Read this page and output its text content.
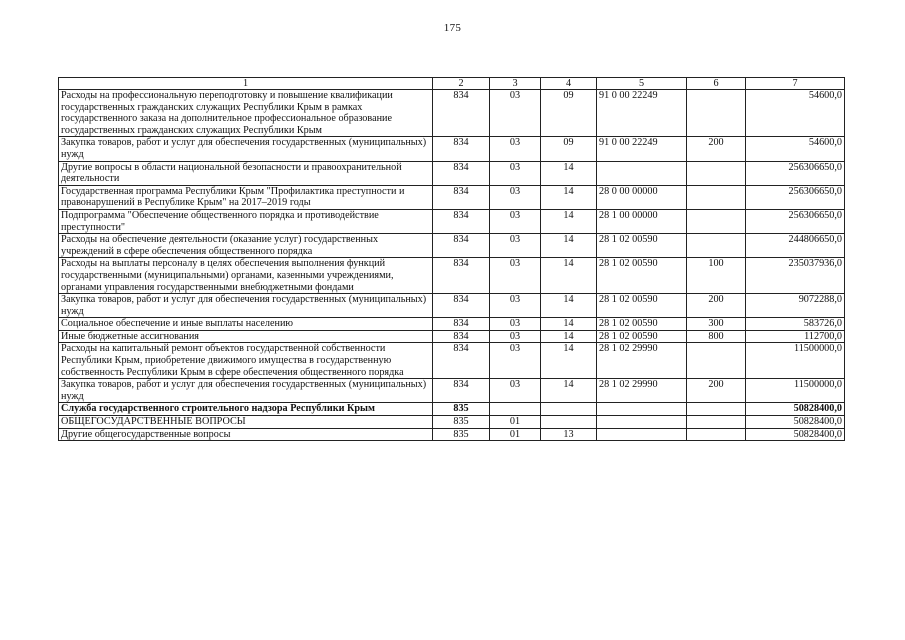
175
1	2	3	4	5	6	7
Расходы на профессиональную переподготовку и повышение квалификации государственных гражданских служащих Республики Крым в рамках государственного заказа на дополнительное профессиональное образование государственных гражданских служащих Республики Крым	834	03	09	91 0 00 22249		54600,0
Закупка товаров, работ и услуг для обеспечения государственных (муниципальных) нужд	834	03	09	91 0 00 22249	200	54600,0
Другие вопросы в области национальной безопасности и правоохранительной деятельности	834	03	14			256306650,0
Государственная программа Республики Крым "Профилактика преступности и правонарушений в Республике Крым" на 2017–2019 годы	834	03	14	28 0 00 00000		256306650,0
Подпрограмма "Обеспечение общественного порядка и противодействие преступности"	834	03	14	28 1 00 00000		256306650,0
Расходы на обеспечение деятельности (оказание услуг) государственных учреждений в сфере обеспечения общественного порядка	834	03	14	28 1 02 00590		244806650,0
Расходы на выплаты персоналу в целях обеспечения выполнения функций государственными (муниципальными) органами, казенными учреждениями, органами управления государственными внебюджетными фондами	834	03	14	28 1 02 00590	100	235037936,0
Закупка товаров, работ и услуг для обеспечения государственных (муниципальных) нужд	834	03	14	28 1 02 00590	200	9072288,0
Социальное обеспечение и иные выплаты населению	834	03	14	28 1 02 00590	300	583726,0
Иные бюджетные ассигнования	834	03	14	28 1 02 00590	800	112700,0
Расходы на капитальный ремонт объектов государственной собственности Республики Крым, приобретение движимого имущества в государственную собственность Республики Крым в сфере обеспечения общественного порядка	834	03	14	28 1 02 29990		11500000,0
Закупка товаров, работ и услуг для обеспечения государственных (муниципальных) нужд	834	03	14	28 1 02 29990	200	11500000,0
Служба государственного строительного надзора Республики Крым	835					50828400,0
ОБЩЕГОСУДАРСТВЕННЫЕ ВОПРОСЫ	835	01				50828400,0
Другие общегосударственные вопросы	835	01	13			50828400,0
